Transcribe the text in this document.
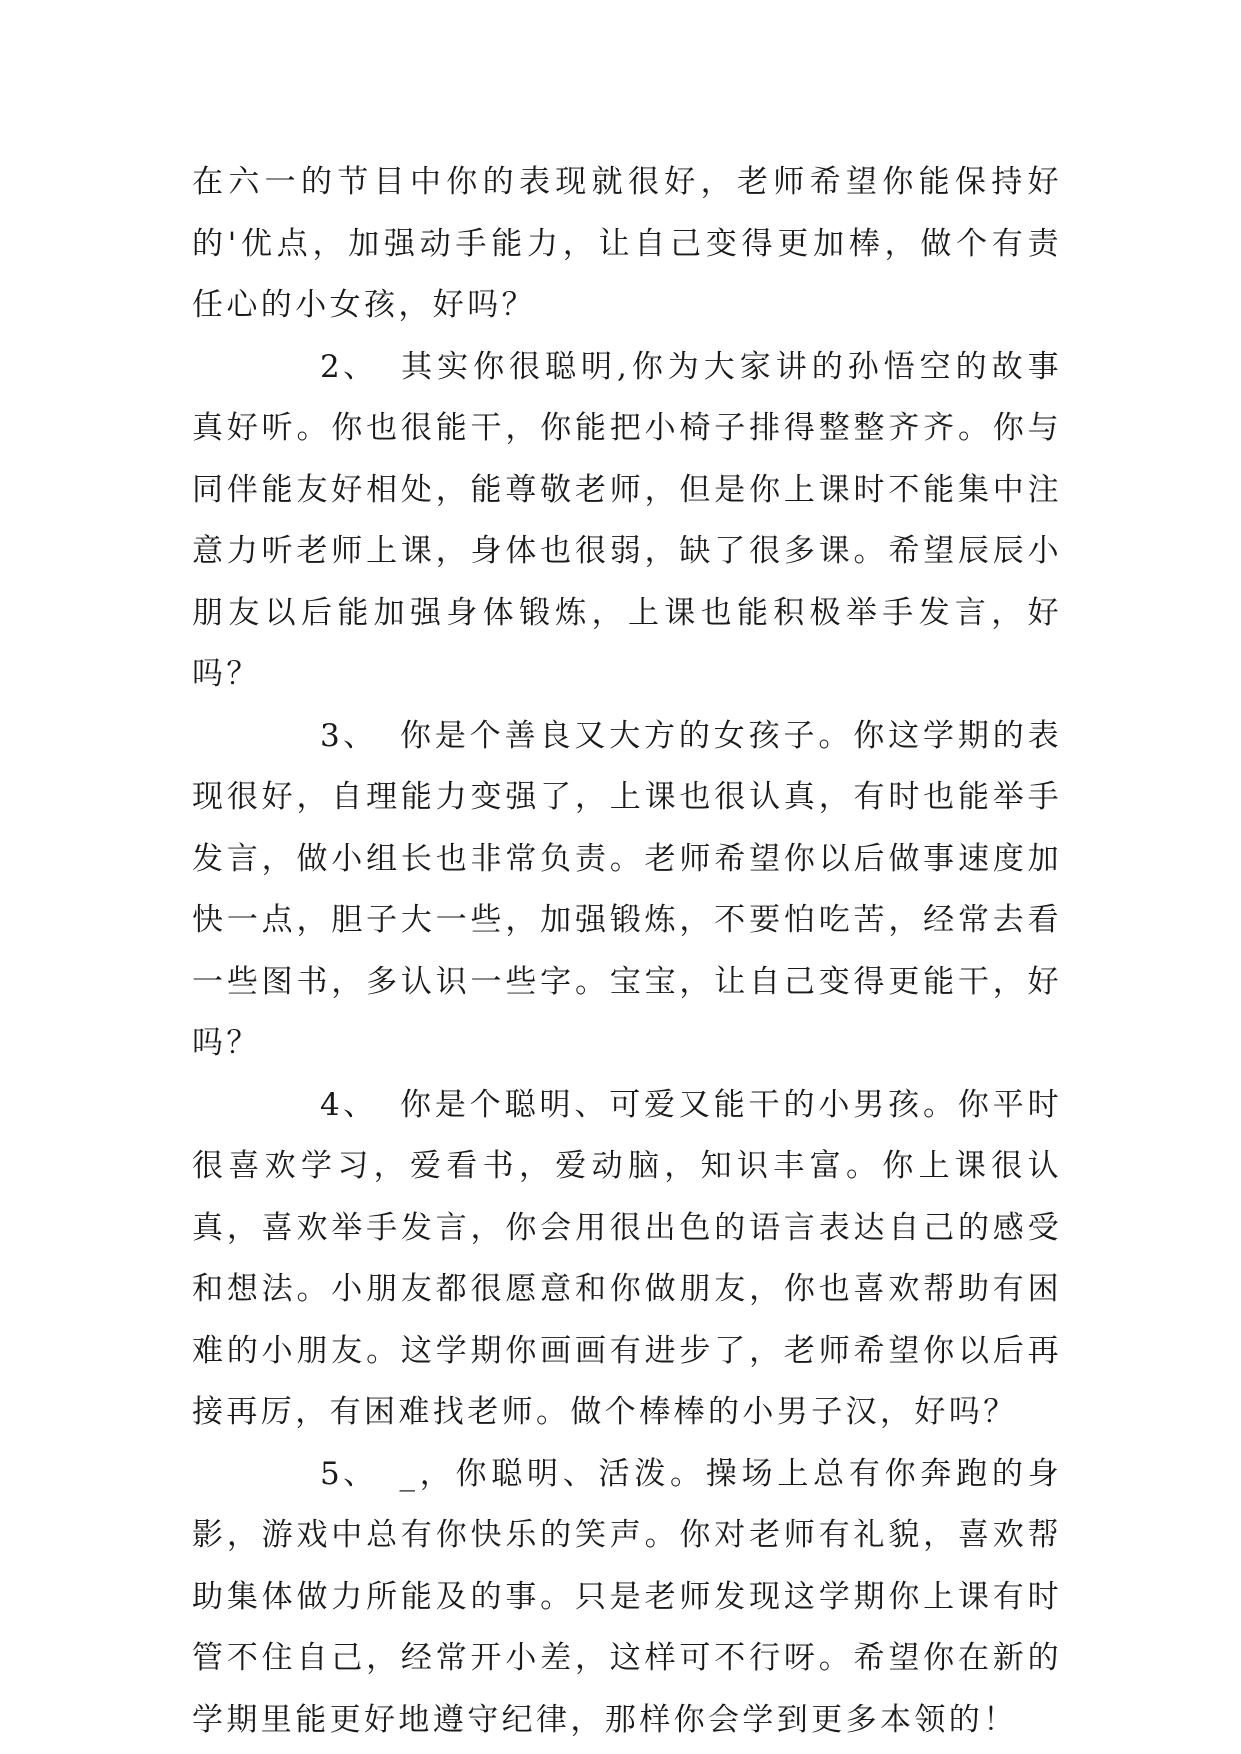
在六一的节目中你的表现就很好，老师希望你能保持好的'优点，加强动手能力，让自己变得更加棒，做个有责任心的小女孩，好吗？

2、 其实你很聪明,你为大家讲的孙悟空的故事真好听。你也很能干，你能把小椅子排得整整齐齐。你与同伴能友好相处，能尊敬老师，但是你上课时不能集中注意力听老师上课，身体也很弱，缺了很多课。希望辰辰小朋友以后能加强身体锻炼，上课也能积极举手发言，好吗？

3、 你是个善良又大方的女孩子。你这学期的表现很好，自理能力变强了，上课也很认真，有时也能举手发言，做小组长也非常负责。老师希望你以后做事速度加快一点，胆子大一些，加强锻炼，不要怕吃苦，经常去看一些图书，多认识一些字。宝宝，让自己变得更能干，好吗？

4、 你是个聪明、可爱又能干的小男孩。你平时很喜欢学习，爱看书，爱动脑，知识丰富。你上课很认真，喜欢举手发言，你会用很出色的语言表达自己的感受和想法。小朋友都很愿意和你做朋友，你也喜欢帮助有困难的小朋友。这学期你画画有进步了，老师希望你以后再接再厉，有困难找老师。做个棒棒的小男子汉，好吗？

5、 _，你聪明、活泼。操场上总有你奔跑的身影，游戏中总有你快乐的笑声。你对老师有礼貌，喜欢帮助集体做力所能及的事。只是老师发现这学期你上课有时管不住自己，经常开小差，这样可不行呀。希望你在新的学期里能更好地遵守纪律，那样你会学到更多本领的！
